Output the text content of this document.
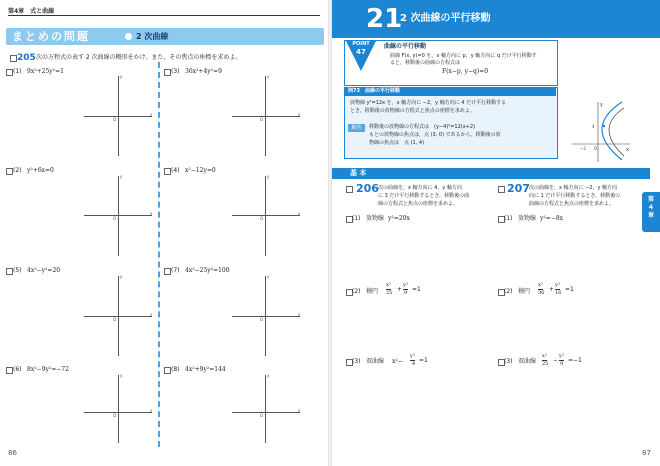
第4章　式と曲線
まとめの問題	2 次曲線
205 次の方程式の表す 2 次曲線の概形をかけ。また，その焦点の座標を求めよ。
(1) 9x²+25y²=1	(3) 36x²+4y²=9
(2) y²+6x=0	(4) x²−12y=0
(5) 4x²−y²=20	(7) 4x²−25y²=100
(6) 8x²−9y²=−72	(8) 4x²+9y²=144
O
y
x
O
y
x
O
y
x
O
y
x
O
y
x
O
y
x
O
y
x
O
y
x
86
21
2 次曲線の平行移動
POINT
47
曲線の平行移動
曲線 F(x, y)=0 を，x 軸方向に p，y 軸方向に q だけ平行移動す
ると，移動後の曲線の方程式は
F(x−p, y−q)=0
例73　曲線の平行移動
放物線 y²=12x を，x 軸方向に −2，y 軸方向に 4 だけ平行移動する
とき，移動後の放物線の方程式と焦点の座標を求めよ。
解答	移動後の放物線の方程式は　(y−4)²=12(x+2)
もとの放物線の焦点は，点 (3, 0) であるから，移動後の放
物線の焦点は　点 (1, 4)
y
x
O
−2
4
基 本
第4章
206 次の曲線を，x 軸方向に 4，y 軸方向
に 3 だけ平行移動するとき，移動後の曲
線の方程式と焦点の座標を求めよ。
(1) 放物線 y²=20x
(2) 楕円
x²
25 +
y²
9 =1
(3) 双曲線 x²−
y²
4 =1
207 次の曲線を，x 軸方向に −2，y 軸方向
向に 1 だけ平行移動するとき，移動後の
曲線の方程式と焦点の座標を求めよ。
(1) 放物線 y²=−8x
(2) 楕円
x²
36 +
y²
16 =1
(3) 双曲線
x²
25 −
y²
9 =−1
87
